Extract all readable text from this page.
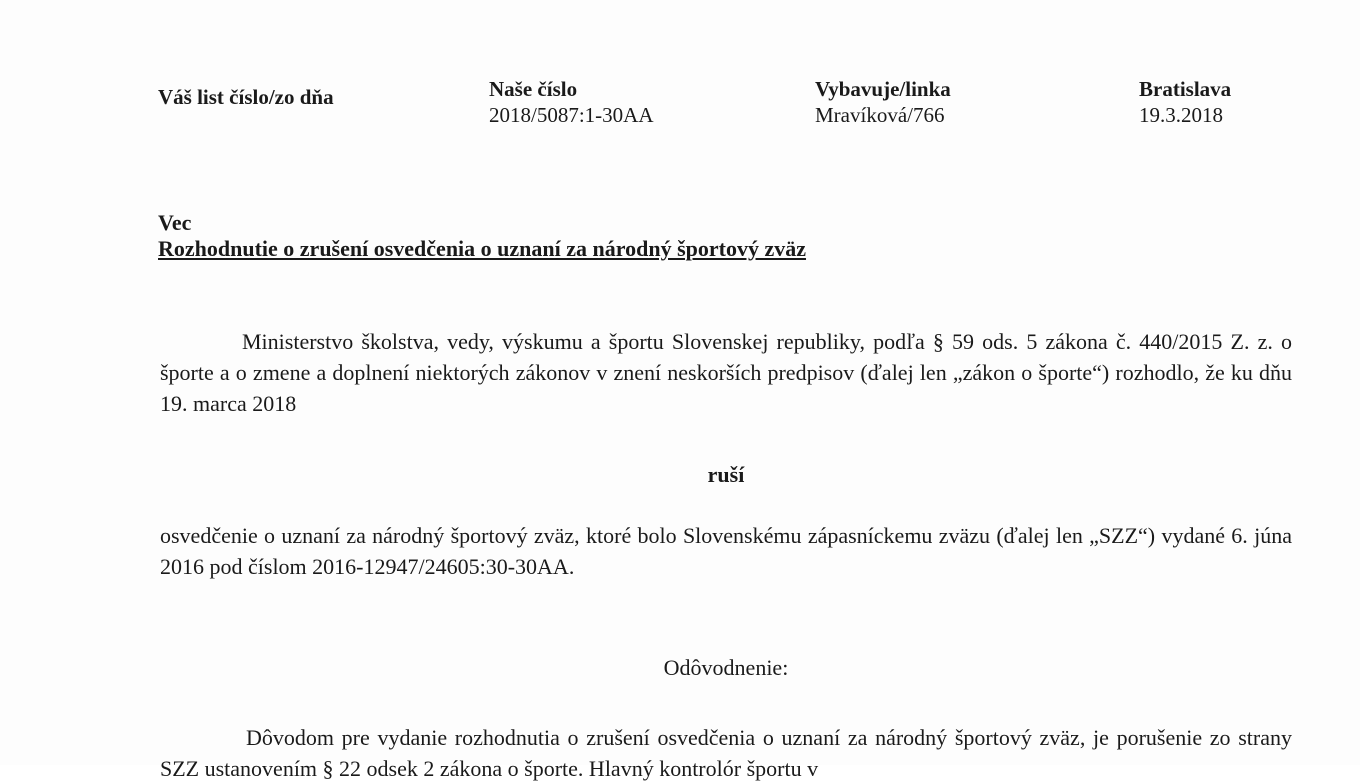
Váš list číslo/zo dňa	Naše číslo
2018/5087:1-30AA
Vybavuje/linka
Mravíková/766
Bratislava
19.3.2018
Vec
Rozhodnutie o zrušení osvedčenia o uznaní za národný športový zväz
Ministerstvo školstva, vedy, výskumu a športu Slovenskej republiky, podľa § 59 ods. 5 zákona č. 440/2015 Z. z. o športe a o zmene a doplnení niektorých zákonov v znení neskorších predpisov (ďalej len „zákon o športe“) rozhodlo, že ku dňu 19. marca 2018
ruší
osvedčenie o uznaní za národný športový zväz, ktoré bolo Slovenskému zápasníckemu zväzu (ďalej len „SZZ“) vydané 6. júna 2016 pod číslom 2016-12947/24605:30-30AA.
Odôvodnenie:
Dôvodom pre vydanie rozhodnutia o zrušení osvedčenia o uznaní za národný športový zväz, je porušenie zo strany SZZ ustanovením § 22 odsek 2 zákona o športe. Hlavný kontrolór športu v
